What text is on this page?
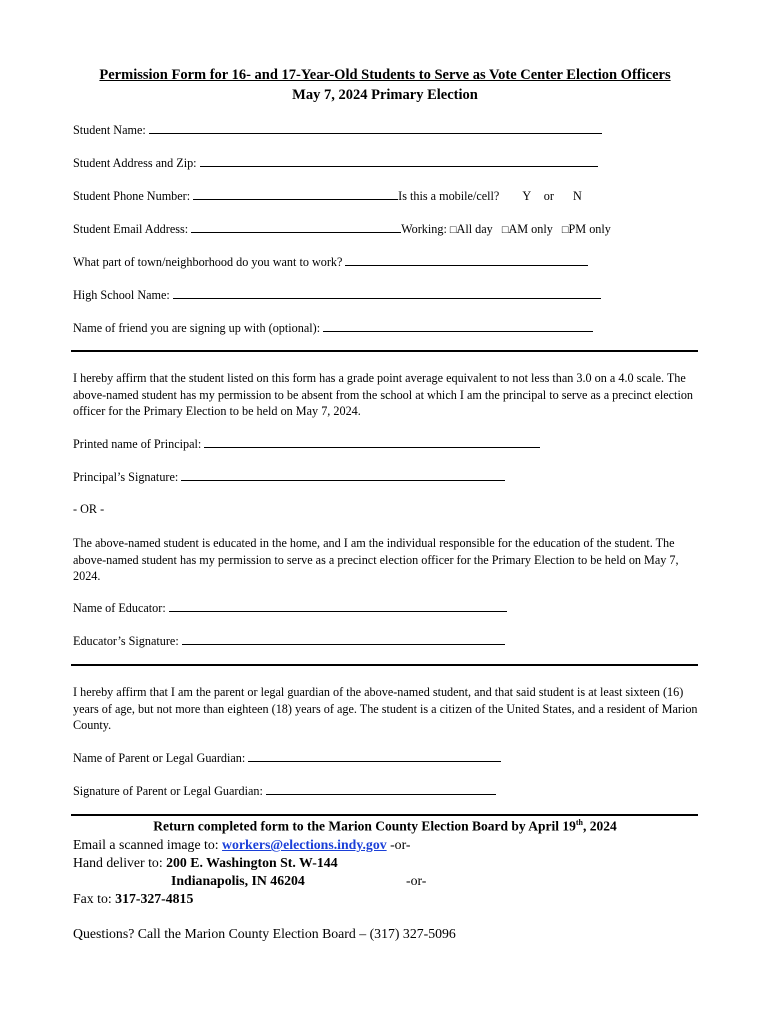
Permission Form for 16- and 17-Year-Old Students to Serve as Vote Center Election Officers
May 7, 2024 Primary Election
Student Name:
Student Address and Zip:
Student Phone Number:	Is this a mobile/cell? Y or N
Student Email Address:	Working: □All day □AM only □PM only
What part of town/neighborhood do you want to work?
High School Name:
Name of friend you are signing up with (optional):
I hereby affirm that the student listed on this form has a grade point average equivalent to not less than 3.0 on a 4.0 scale. The above-named student has my permission to be absent from the school at which I am the principal to serve as a precinct election officer for the Primary Election to be held on May 7, 2024.
Printed name of Principal:
Principal’s Signature:
- OR -
The above-named student is educated in the home, and I am the individual responsible for the education of the student. The above-named student has my permission to serve as a precinct election officer for the Primary Election to be held on May 7, 2024.
Name of Educator:
Educator’s Signature:
I hereby affirm that I am the parent or legal guardian of the above-named student, and that said student is at least sixteen (16) years of age, but not more than eighteen (18) years of age. The student is a citizen of the United States, and a resident of Marion County.
Name of Parent or Legal Guardian:
Signature of Parent or Legal Guardian:
Return completed form to the Marion County Election Board by April 19th, 2024
Email a scanned image to: workers@elections.indy.gov -or-
Hand deliver to: 200 E. Washington St. W-144
Indianapolis, IN 46204	-or-
Fax to: 317-327-4815
Questions? Call the Marion County Election Board – (317) 327-5096
